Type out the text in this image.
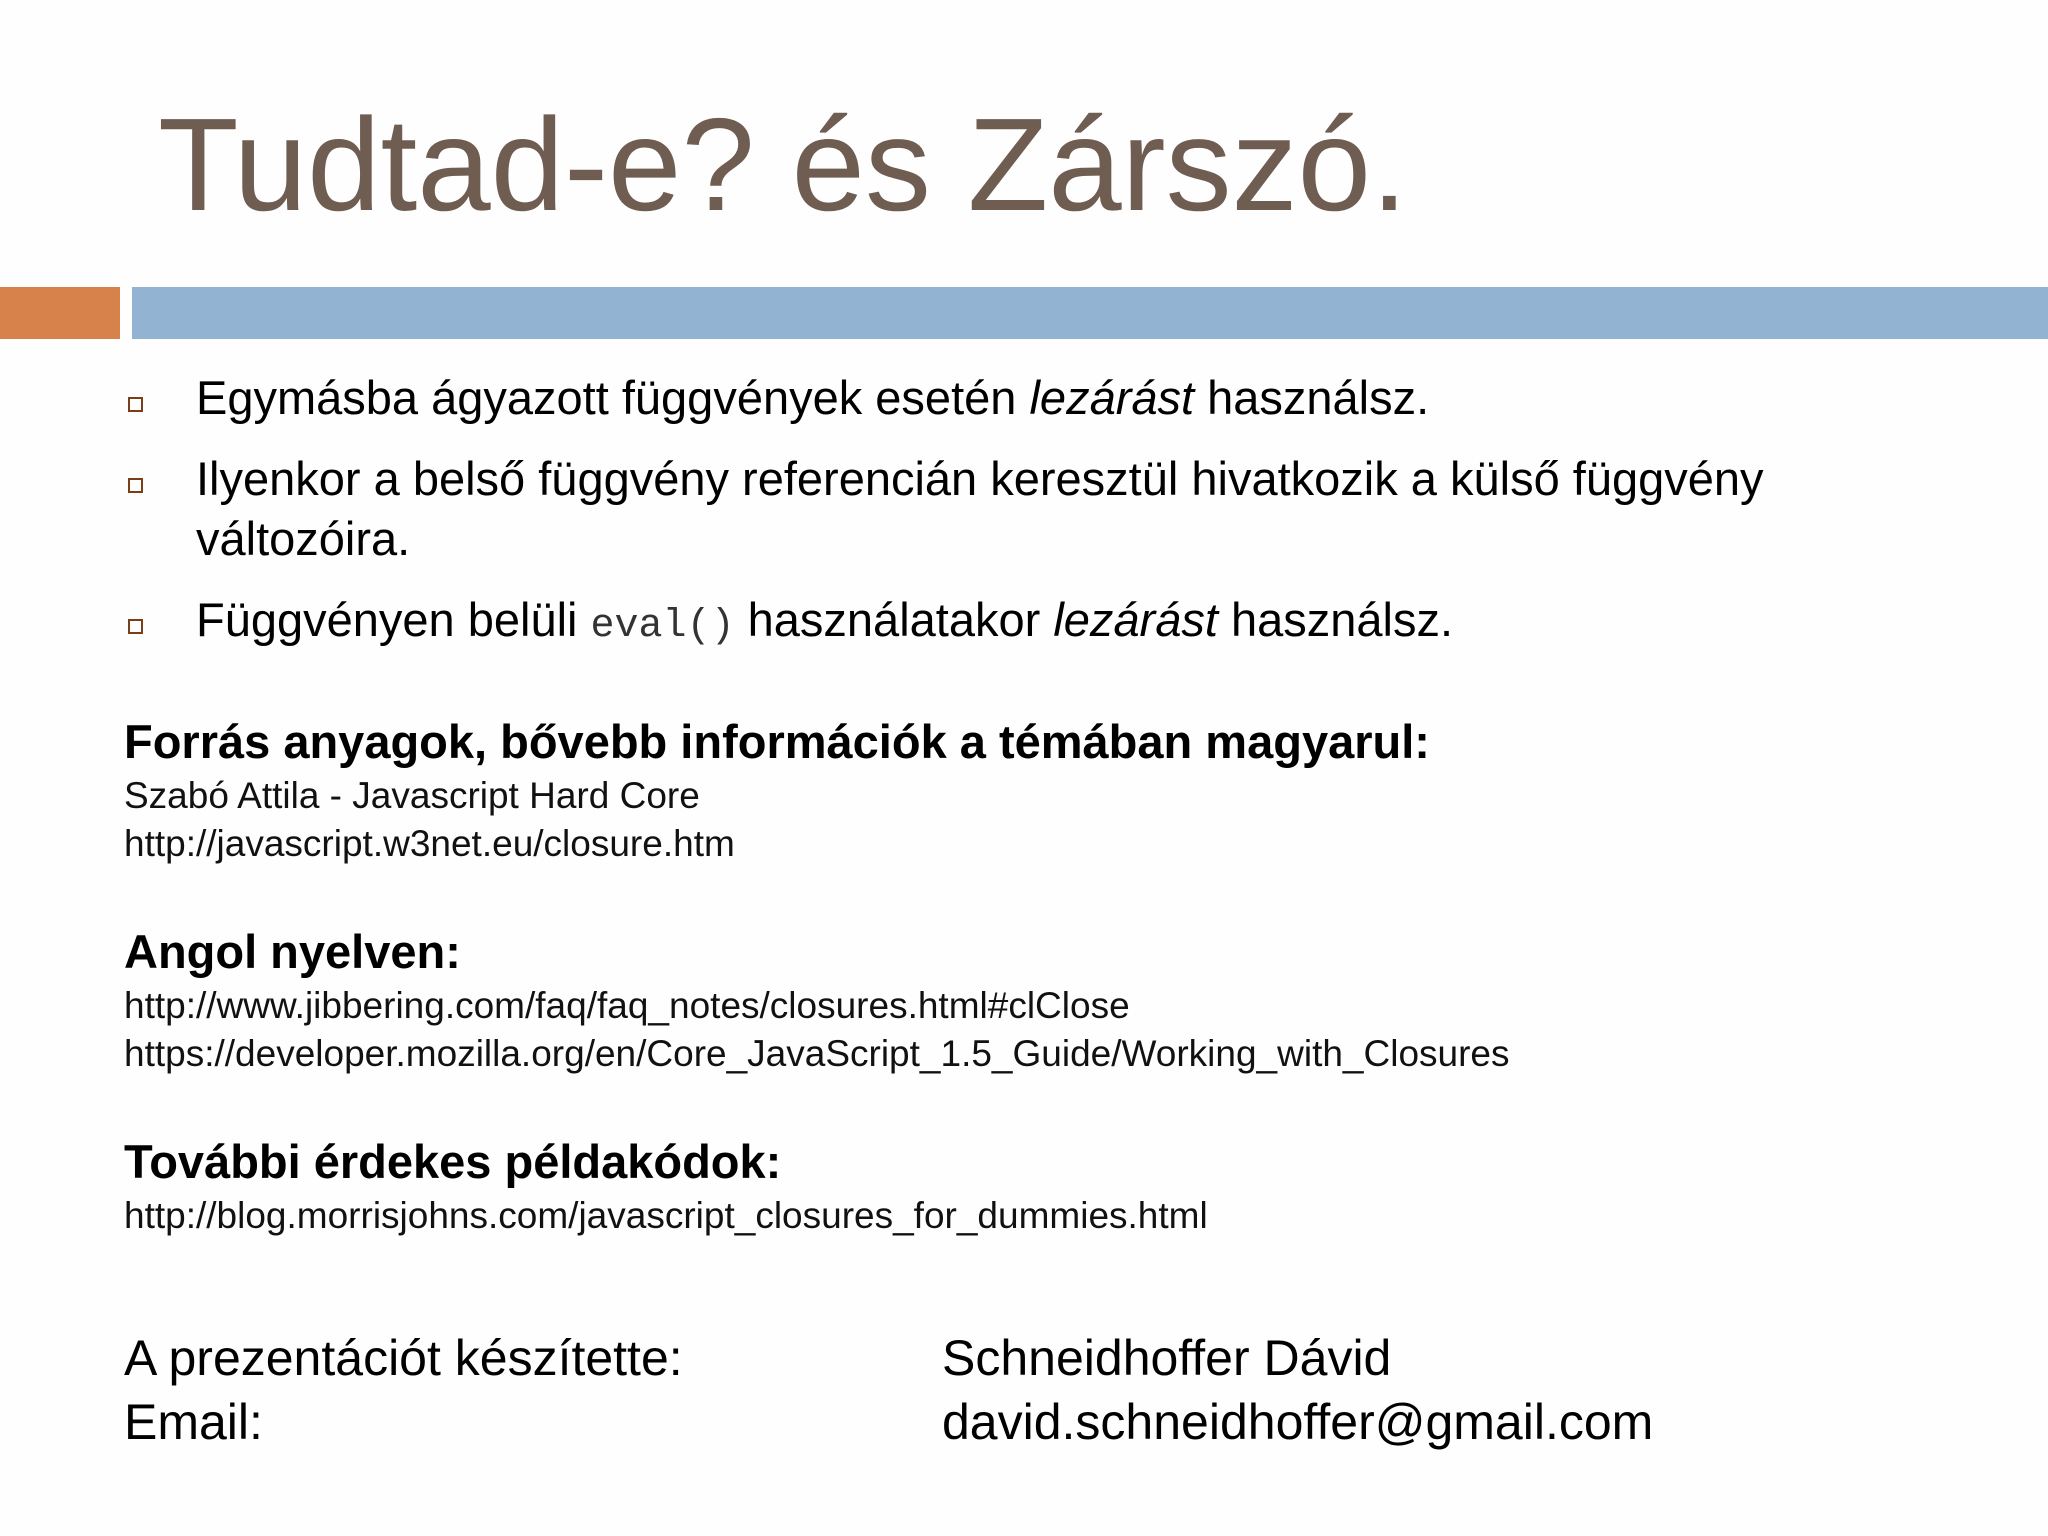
Tudtad-e? és Zárszó.
Egymásba ágyazott függvények esetén lezárást használsz.
Ilyenkor a belső függvény referencián keresztül hivatkozik a külső függvény változóira.
Függvényen belüli eval() használatakor lezárást használsz.

Forrás anyagok, bővebb információk a témában magyarul:

Szabó Attila - Javascript Hard Core

http://javascript.w3net.eu/closure.htm

Angol nyelven:

http://www.jibbering.com/faq/faq_notes/closures.html#clClose

https://developer.mozilla.org/en/Core_JavaScript_1.5_Guide/Working_with_Closures

További érdekes példakódok:

http://blog.morrisjohns.com/javascript_closures_for_dummies.html

A prezentációt készítette:	Schneidhoffer Dávid
Email:	david.schneidhoffer@gmail.com
